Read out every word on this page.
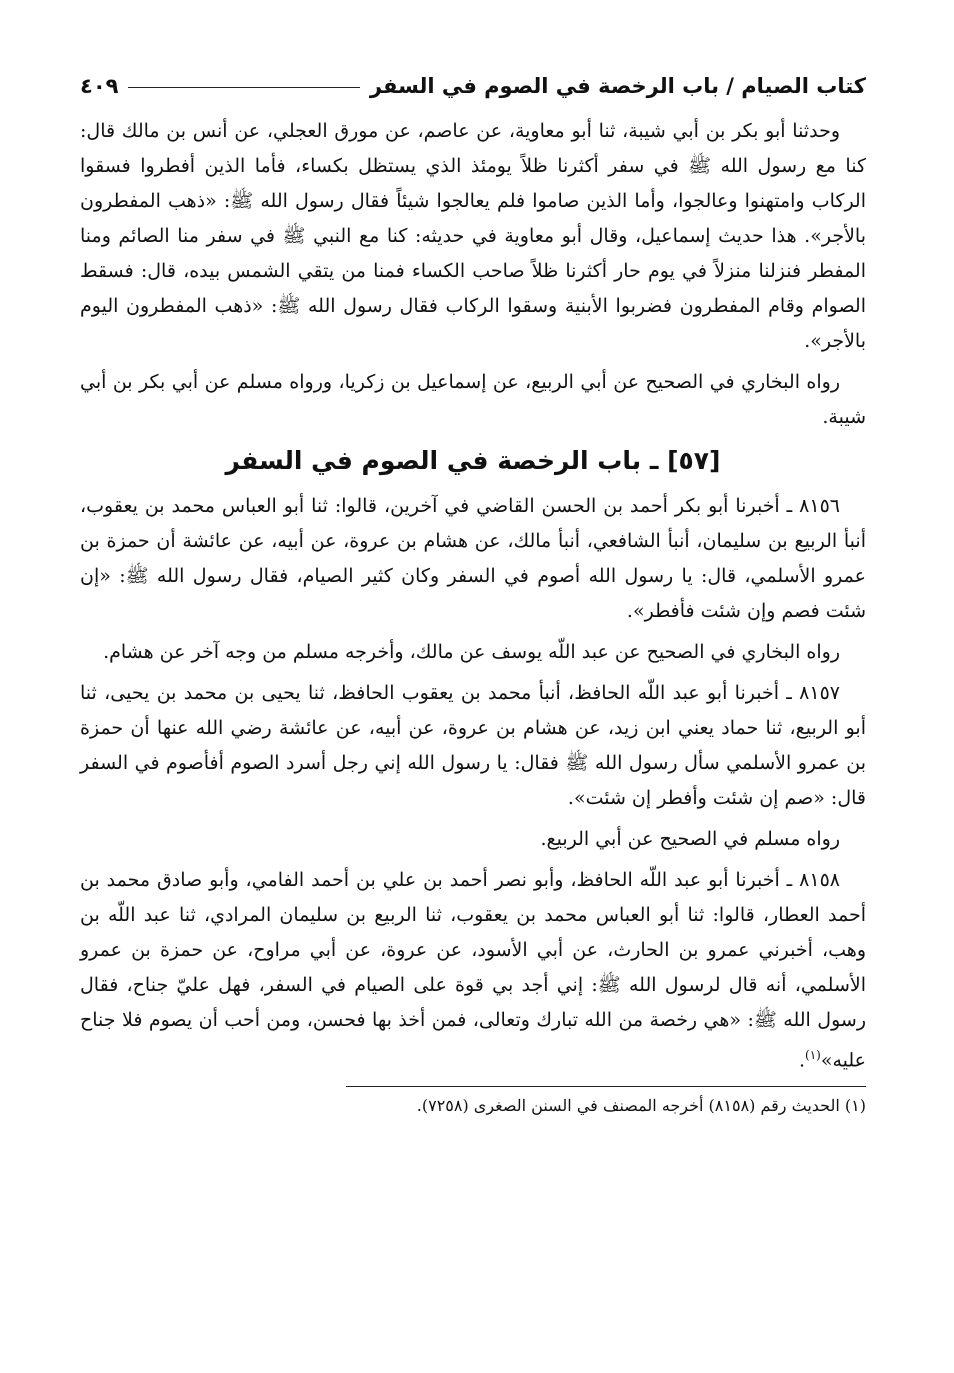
كتاب الصيام / باب الرخصة في الصوم في السفر
٤٠٩

وحدثنا أبو بكر بن أبي شيبة، ثنا أبو معاوية، عن عاصم، عن مورق العجلي، عن أنس بن مالك قال: كنا مع رسول الله ﷺ في سفر أكثرنا ظلاً يومئذ الذي يستظل بكساء، فأما الذين أفطروا فسقوا الركاب وامتهنوا وعالجوا، وأما الذين صاموا فلم يعالجوا شيئاً فقال رسول الله ﷺ: «ذهب المفطرون بالأجر». هذا حديث إسماعيل، وقال أبو معاوية في حديثه: كنا مع النبي ﷺ في سفر منا الصائم ومنا المفطر فنزلنا منزلاً في يوم حار أكثرنا ظلاً صاحب الكساء فمنا من يتقي الشمس بيده، قال: فسقط الصوام وقام المفطرون فضربوا الأبنية وسقوا الركاب فقال رسول الله ﷺ: «ذهب المفطرون اليوم بالأجر».

رواه البخاري في الصحيح عن أبي الربيع، عن إسماعيل بن زكريا، ورواه مسلم عن أبي بكر بن أبي شيبة.

[٥٧] ـ باب الرخصة في الصوم في السفر

٨١٥٦ ـ أخبرنا أبو بكر أحمد بن الحسن القاضي في آخرين، قالوا: ثنا أبو العباس محمد بن يعقوب، أنبأ الربيع بن سليمان، أنبأ الشافعي، أنبأ مالك، عن هشام بن عروة، عن أبيه، عن عائشة أن حمزة بن عمرو الأسلمي، قال: يا رسول الله أصوم في السفر وكان كثير الصيام، فقال رسول الله ﷺ: «إن شئت فصم وإن شئت فأفطر».

رواه البخاري في الصحيح عن عبد اللّه يوسف عن مالك، وأخرجه مسلم من وجه آخر عن هشام.

٨١٥٧ ـ أخبرنا أبو عبد اللّه الحافظ، أنبأ محمد بن يعقوب الحافظ، ثنا يحيى بن محمد بن يحيى، ثنا أبو الربيع، ثنا حماد يعني ابن زيد، عن هشام بن عروة، عن أبيه، عن عائشة رضي الله عنها أن حمزة بن عمرو الأسلمي سأل رسول الله ﷺ فقال: يا رسول الله إني رجل أسرد الصوم أفأصوم في السفر قال: «صم إن شئت وأفطر إن شئت».

رواه مسلم في الصحيح عن أبي الربيع.

٨١٥٨ ـ أخبرنا أبو عبد اللّه الحافظ، وأبو نصر أحمد بن علي بن أحمد الفامي، وأبو صادق محمد بن أحمد العطار، قالوا: ثنا أبو العباس محمد بن يعقوب، ثنا الربيع بن سليمان المرادي، ثنا عبد اللّه بن وهب، أخبرني عمرو بن الحارث، عن أبي الأسود، عن عروة، عن أبي مراوح، عن حمزة بن عمرو الأسلمي، أنه قال لرسول الله ﷺ: إني أجد بي قوة على الصيام في السفر، فهل عليّ جناح، فقال رسول الله ﷺ: «هي رخصة من الله تبارك وتعالى، فمن أخذ بها فحسن، ومن أحب أن يصوم فلا جناح عليه»$^{(١)}$.

(١) الحديث رقم (٨١٥٨) أخرجه المصنف في السنن الصغرى (٧٢٥٨).
